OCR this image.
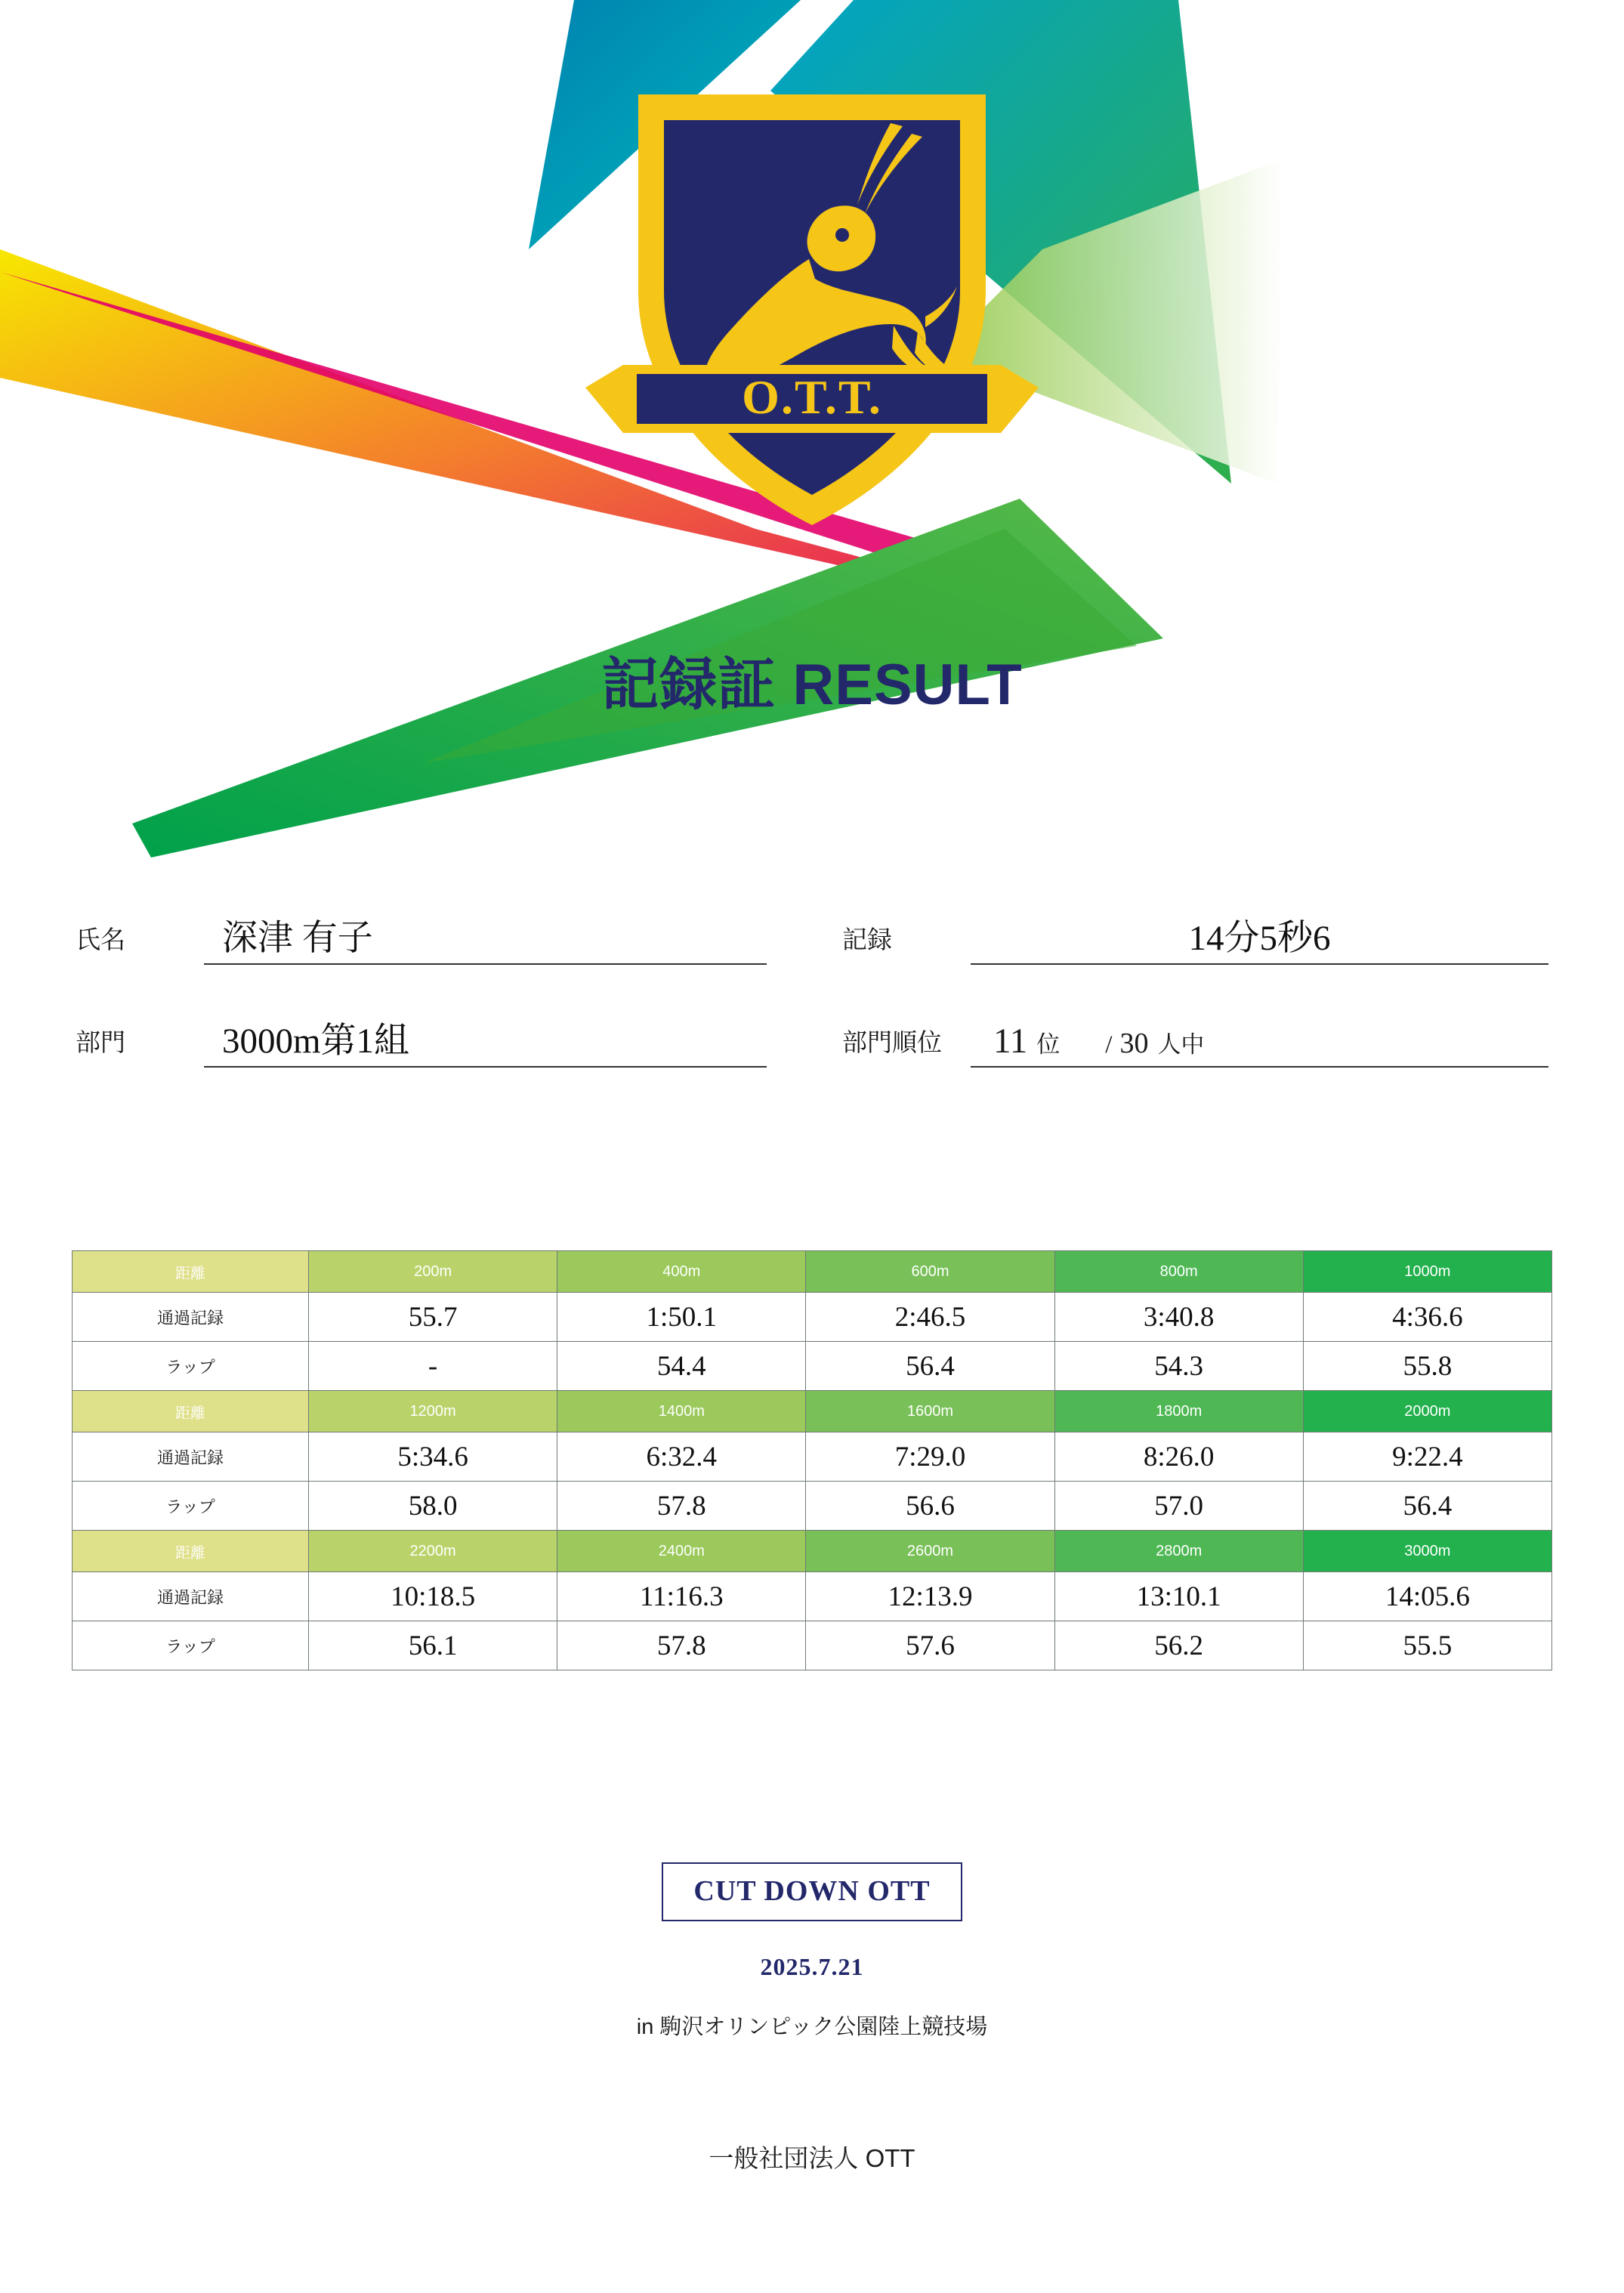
O.T.T.
記録証 RESULT
氏名	深津 有子	記録	14分5秒6
部門	3000m第1組	部門順位	11 位	/ 30 人中
距離	200m	400m	600m	800m	1000m
通過記録	55.7	1:50.1	2:46.5	3:40.8	4:36.6
ラップ	-	54.4	56.4	54.3	55.8
距離	1200m	1400m	1600m	1800m	2000m
通過記録	5:34.6	6:32.4	7:29.0	8:26.0	9:22.4
ラップ	58.0	57.8	56.6	57.0	56.4
距離	2200m	2400m	2600m	2800m	3000m
通過記録	10:18.5	11:16.3	12:13.9	13:10.1	14:05.6
ラップ	56.1	57.8	57.6	56.2	55.5
CUT DOWN OTT
2025.7.21
in 駒沢オリンピック公園陸上競技場
一般社団法人 OTT
